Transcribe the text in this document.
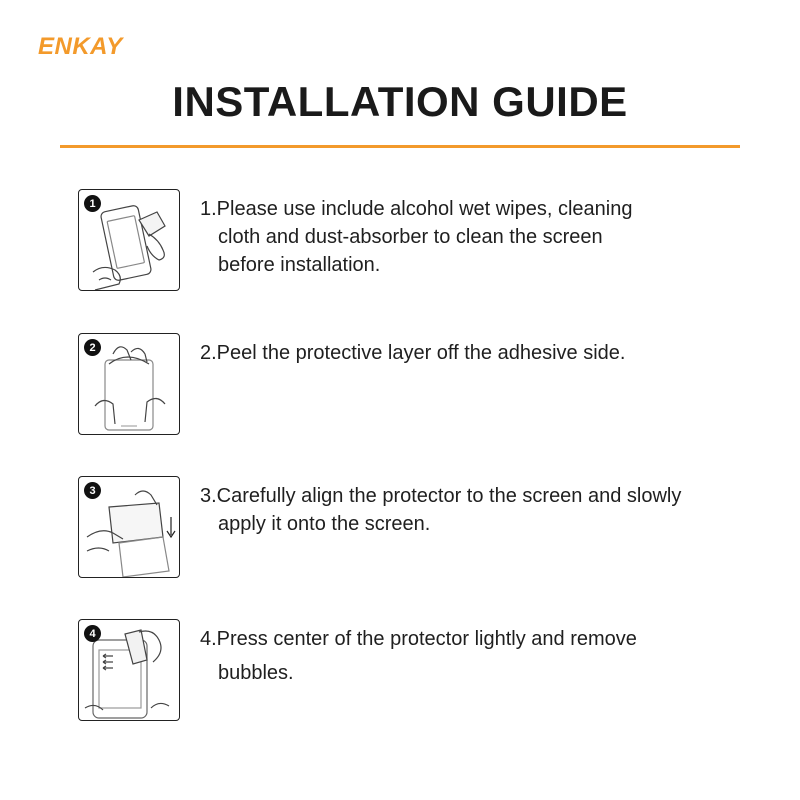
ENKAY
INSTALLATION GUIDE
1	1.Please use include alcohol wet wipes, cleaning
cloth and dust-absorber to clean the screen
before installation.
2	2.Peel the protective layer off the adhesive side.
3	3.Carefully align the protector to the screen and slowly
apply it onto the screen.
4	4.Press center of the protector lightly and remove
bubbles.
